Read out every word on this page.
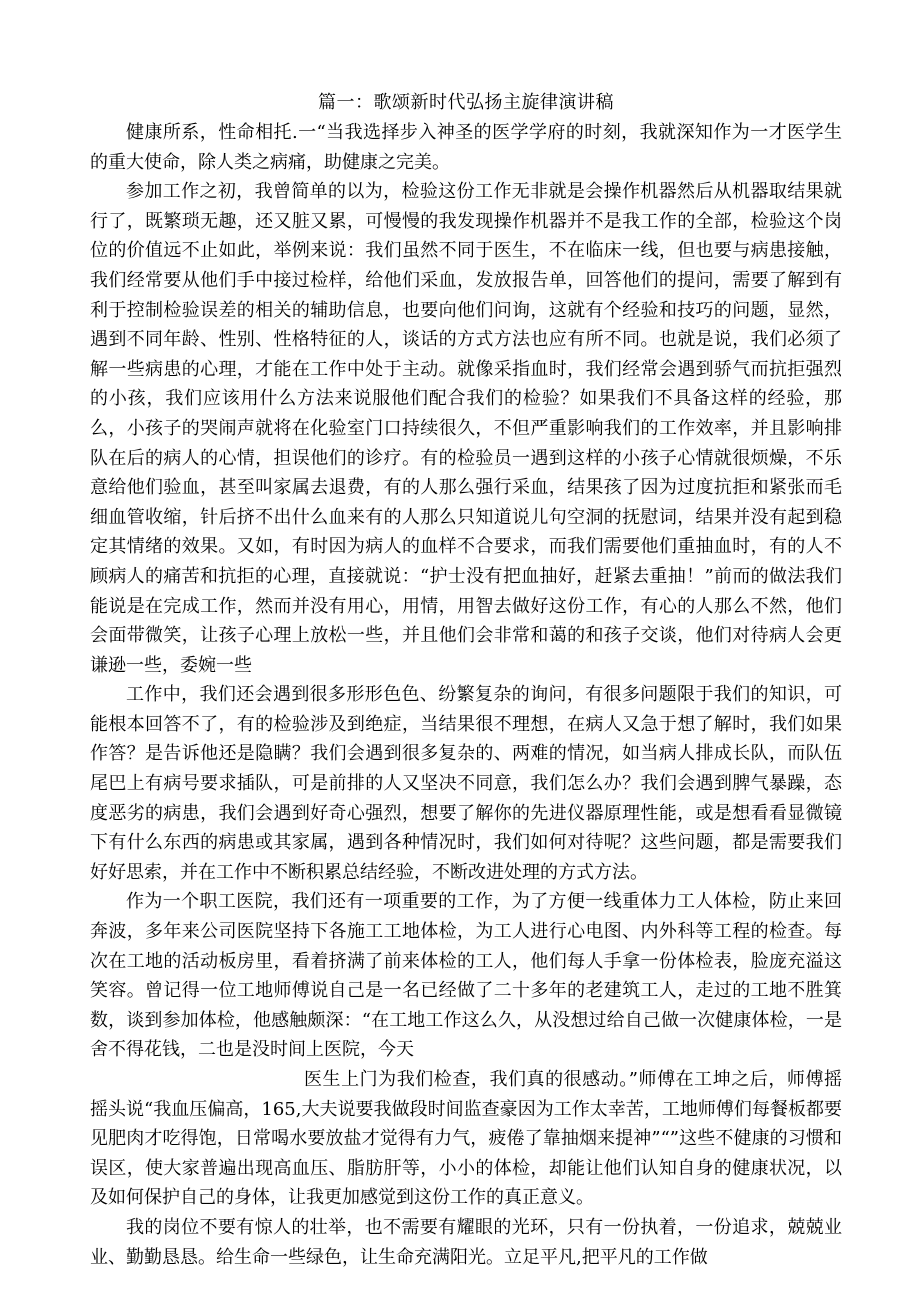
篇一：歌颂新时代弘扬主旋律演讲稿

健康所系，性命相托.一“当我选择步入神圣的医学学府的时刻，我就深知作为一才医学生的重大使命，除人类之病痛，助健康之完美。

参加工作之初，我曾简单的以为，检验这份工作无非就是会操作机器然后从机器取结果就行了，既繁琐无趣，还又脏又累，可慢慢的我发现操作机器并不是我工作的全部，检验这个岗位的价值远不止如此，举例来说：我们虽然不同于医生，不在临床一线，但也要与病患接触，我们经常要从他们手中接过检样，给他们采血，发放报告单，回答他们的提问，需要了解到有利于控制检验误差的相关的辅助信息，也要向他们问询，这就有个经验和技巧的问题，显然，遇到不同年龄、性别、性格特征的人，谈话的方式方法也应有所不同。也就是说，我们必须了解一些病患的心理，才能在工作中处于主动。就像采指血时，我们经常会遇到骄气而抗拒强烈的小孩，我们应该用什么方法来说服他们配合我们的检验？如果我们不具备这样的经验，那么，小孩子的哭闹声就将在化验室门口持续很久，不但严重影响我们的工作效率，并且影响排队在后的病人的心情，担误他们的诊疗。有的检验员一遇到这样的小孩子心情就很烦燥，不乐意给他们验血，甚至叫家属去退费，有的人那么强行采血，结果孩了因为过度抗拒和紧张而毛细血管收缩，针后挤不出什么血来有的人那么只知道说儿句空洞的抚慰词，结果并没有起到稳定其情绪的效果。又如，有时因为病人的血样不合要求，而我们需要他们重抽血时，有的人不顾病人的痛苦和抗拒的心理，直接就说：“护士没有把血抽好，赶紧去重抽！”前而的做法我们能说是在完成工作，然而并没有用心，用情，用智去做好这份工作，有心的人那么不然，他们会面带微笑，让孩子心理上放松一些，并且他们会非常和蔼的和孩子交谈，他们对待病人会更谦逊一些，委婉一些

工作中，我们还会遇到很多形形色色、纷繁复杂的询问，有很多问题限于我们的知识，可能根本回答不了，有的检验涉及到绝症，当结果很不理想，在病人又急于想了解时，我们如果作答？是告诉他还是隐瞒？我们会遇到很多复杂的、两难的情况，如当病人排成长队，而队伍尾巴上有病号要求插队，可是前排的人又坚决不同意，我们怎么办？我们会遇到脾气暴躁，态度恶劣的病患，我们会遇到好奇心强烈，想要了解你的先进仪器原理性能，或是想看看显微镜下有什么东西的病患或其家属，遇到各种情况时，我们如何对待呢？这些问题，都是需要我们好好思索，并在工作中不断积累总结经验，不断改进处理的方式方法。

作为一个职工医院，我们还有一项重要的工作，为了方便一线重体力工人体检，防止来回奔波，多年来公司医院坚持下各施工工地体检，为工人进行心电图、内外科等工程的检查。每次在工地的活动板房里，看着挤满了前来体检的工人，他们每人手拿一份体检表，脸庞充溢这笑容。曾记得一位工地师傅说自己是一名已经做了二十多年的老建筑工人，走过的工地不胜箕数，谈到参加体检，他感触颇深：“在工地工作这么久，从没想过给自己做一次健康体检，一是舍不得花钱，二也是没时间上医院，今天

医生上门为我们检查，我们真的很感动。”师傅在工坤之后，师傅摇摇头说“我血压偏高，165,大夫说要我做段时间监查豪因为工作太幸苦，工地师傅们每餐板都要见肥肉才吃得饱，日常喝水要放盐才觉得有力气，疲倦了靠抽烟来提神”“”这些不健康的习惯和误区，使大家普遍出现高血压、脂肪肝等，小小的体检，却能让他们认知自身的健康状况，以及如何保护自己的身体，让我更加感觉到这份工作的真正意义。

我的岗位不要有惊人的壮举，也不需要有耀眼的光环，只有一份执着，一份追求，兢兢业业、勤勤恳恳。给生命一些绿色，让生命充满阳光。立足平凡,把平凡的工作做
